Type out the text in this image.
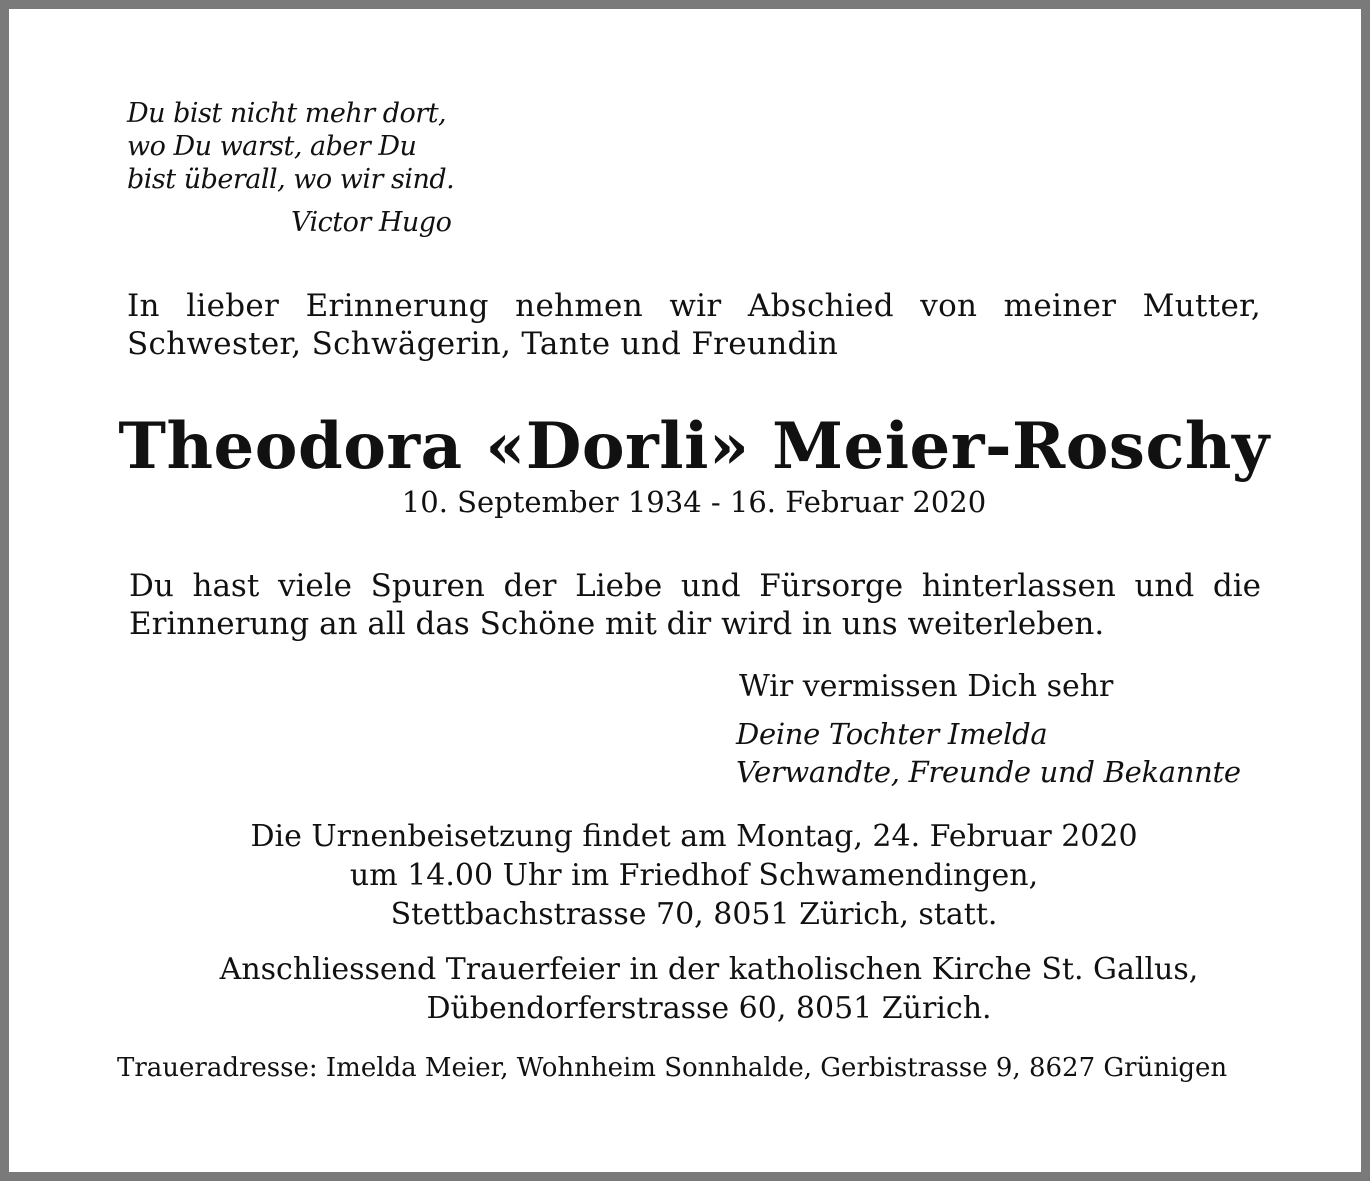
Du bist nicht mehr dort,
wo Du warst, aber Du
bist überall, wo wir sind.
Victor Hugo
In lieber Erinnerung nehmen wir Abschied von meiner Mutter,
Schwester, Schwägerin, Tante und Freundin
Theodora «Dorli» Meier-Roschy
10. September 1934 - 16. Februar 2020
Du hast viele Spuren der Liebe und Fürsorge hinterlassen und die
Erinnerung an all das Schöne mit dir wird in uns weiterleben.
Wir vermissen Dich sehr
Deine Tochter Imelda
Verwandte, Freunde und Bekannte
Die Urnenbeisetzung findet am Montag, 24. Februar 2020
um 14.00 Uhr im Friedhof Schwamendingen,
Stettbachstrasse 70, 8051 Zürich, statt.
Anschliessend Trauerfeier in der katholischen Kirche St. Gallus,
Dübendorferstrasse 60, 8051 Zürich.
Traueradresse: Imelda Meier, Wohnheim Sonnhalde, Gerbistrasse 9, 8627 Grünigen
